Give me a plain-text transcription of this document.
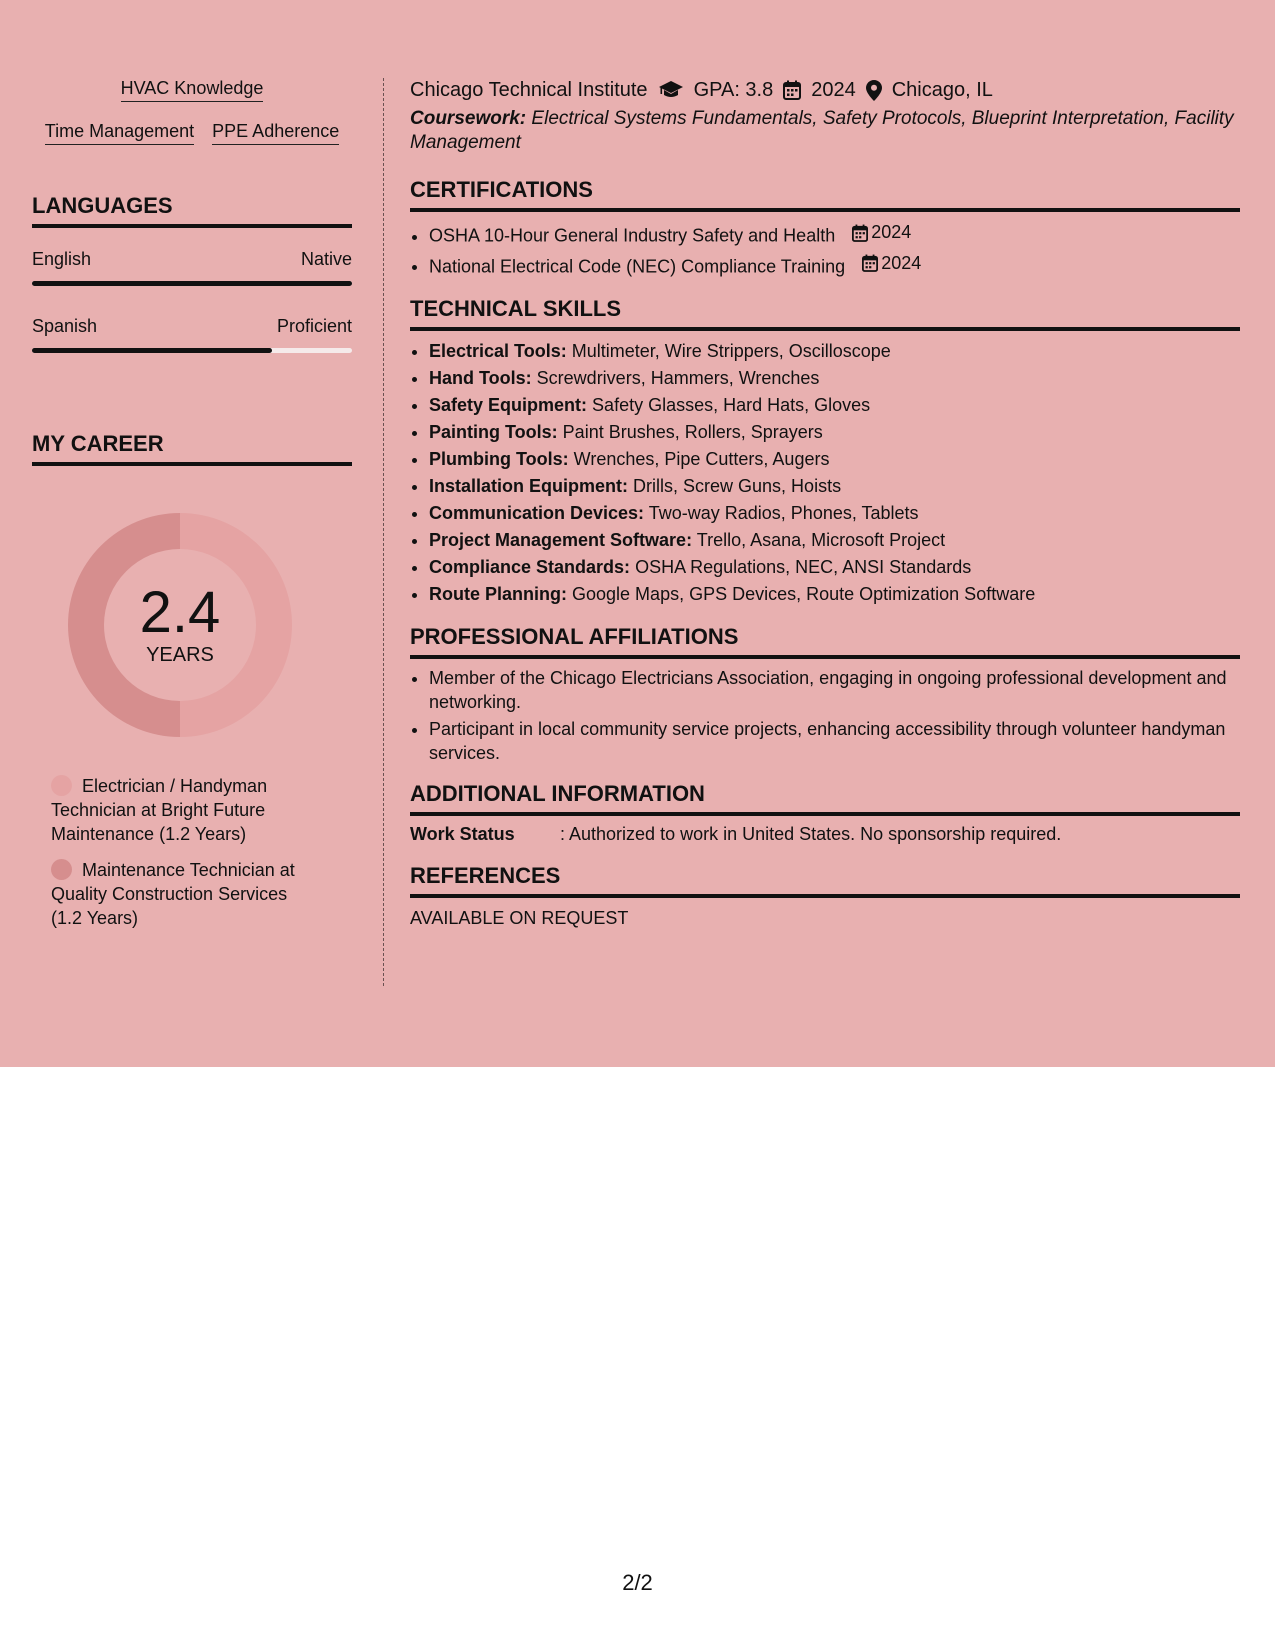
HVAC Knowledge
Time Management PPE Adherence
LANGUAGES
English	Native
Spanish	Proficient
MY CAREER
2.4
YEARS
Electrician / Handyman Technician at Bright Future Maintenance (1.2 Years)
Maintenance Technician at Quality Construction Services (1.2 Years)
Chicago Technical Institute GPA: 3.8 2024 Chicago, IL
Coursework: Electrical Systems Fundamentals, Safety Protocols, Blueprint Interpretation, Facility Management
CERTIFICATIONS
• OSHA 10-Hour General Industry Safety and Health 2024
• National Electrical Code (NEC) Compliance Training 2024
TECHNICAL SKILLS
• Electrical Tools: Multimeter, Wire Strippers, Oscilloscope
• Hand Tools: Screwdrivers, Hammers, Wrenches
• Safety Equipment: Safety Glasses, Hard Hats, Gloves
• Painting Tools: Paint Brushes, Rollers, Sprayers
• Plumbing Tools: Wrenches, Pipe Cutters, Augers
• Installation Equipment: Drills, Screw Guns, Hoists
• Communication Devices: Two-way Radios, Phones, Tablets
• Project Management Software: Trello, Asana, Microsoft Project
• Compliance Standards: OSHA Regulations, NEC, ANSI Standards
• Route Planning: Google Maps, GPS Devices, Route Optimization Software
PROFESSIONAL AFFILIATIONS
• Member of the Chicago Electricians Association, engaging in ongoing professional development and networking.
• Participant in local community service projects, enhancing accessibility through volunteer handyman services.
ADDITIONAL INFORMATION
Work Status	: Authorized to work in United States. No sponsorship required.
REFERENCES
AVAILABLE ON REQUEST
2/2
